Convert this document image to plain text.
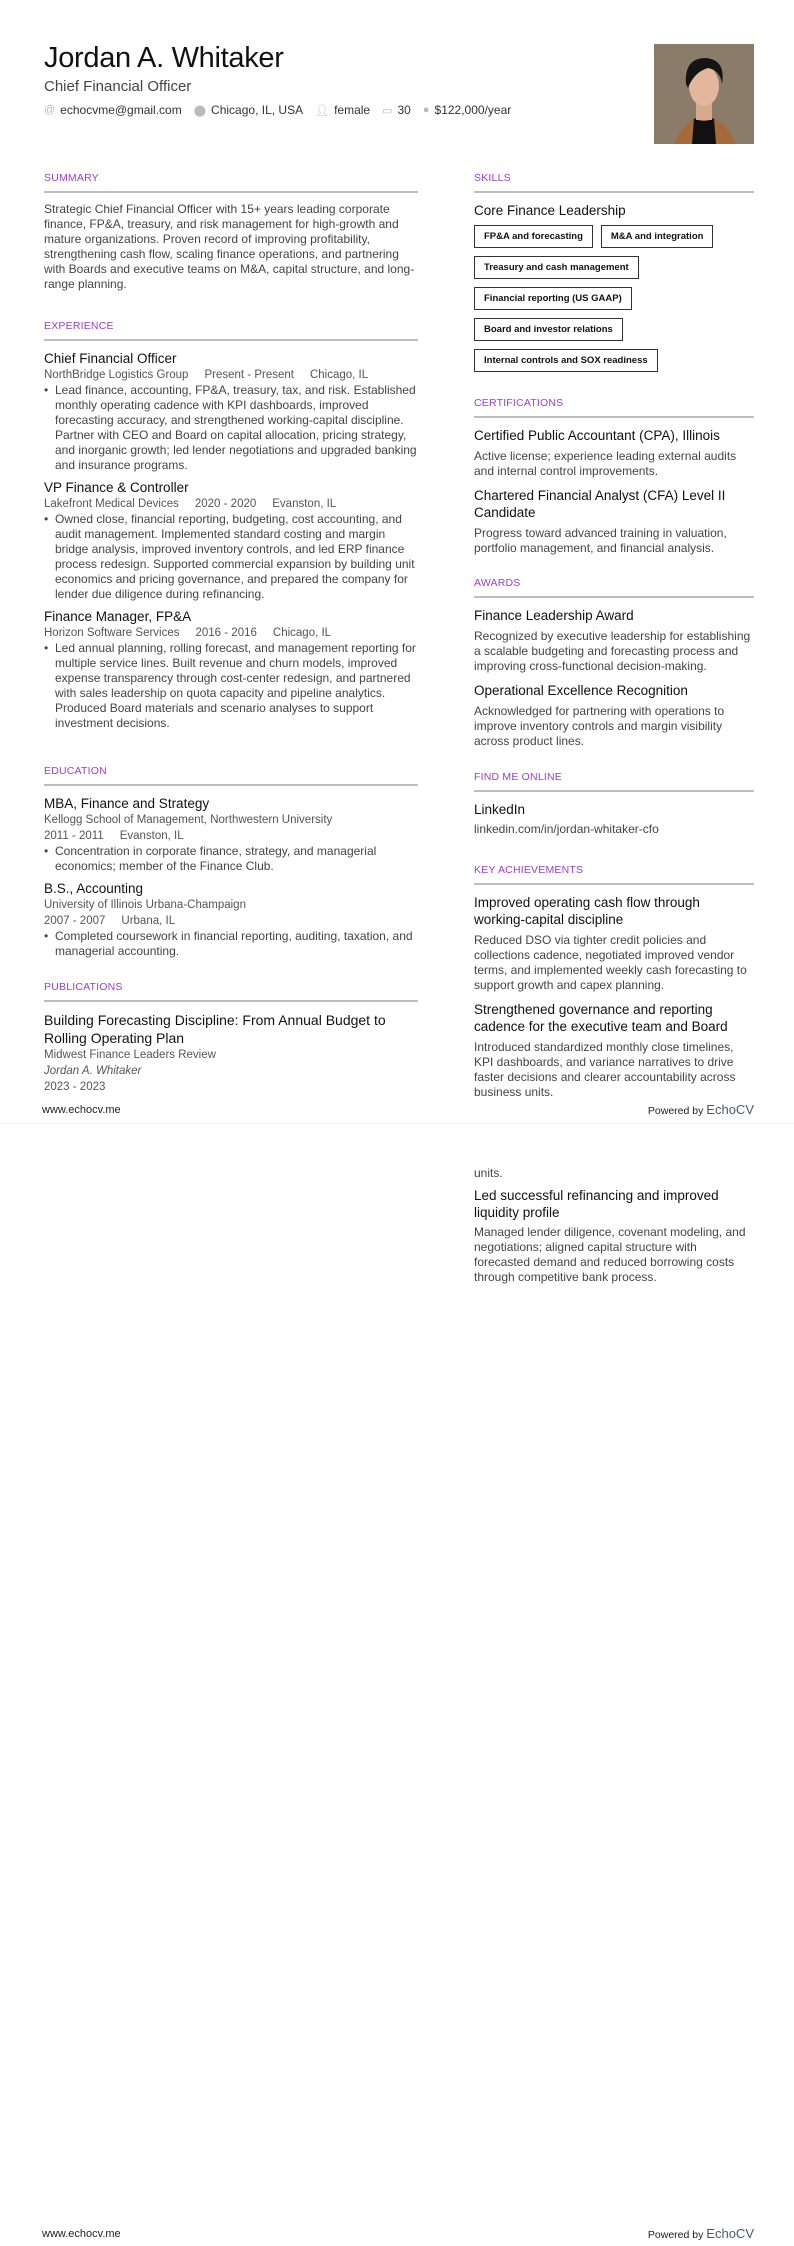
Jordan A. Whitaker
Chief Financial Officer
@ echocvme@gmail.com ⬤ Chicago, IL, USA 👤︎ female ▭ 30 ● $122,000/year
SUMMARY

Strategic Chief Financial Officer with 15+ years leading corporate finance, FP&A, treasury, and risk management for high-growth and mature organizations. Proven record of improving profitability, strengthening cash flow, scaling finance operations, and partnering with Boards and executive teams on M&A, capital structure, and long-range planning.

EXPERIENCE
Chief Financial Officer
NorthBridge Logistics Group Present - Present Chicago, IL
• Lead finance, accounting, FP&A, treasury, tax, and risk. Established monthly operating cadence with KPI dashboards, improved forecasting accuracy, and strengthened working-capital discipline. Partner with CEO and Board on capital allocation, pricing strategy, and inorganic growth; led lender negotiations and upgraded banking and insurance programs.
VP Finance & Controller
Lakefront Medical Devices 2020 - 2020 Evanston, IL
• Owned close, financial reporting, budgeting, cost accounting, and audit management. Implemented standard costing and margin bridge analysis, improved inventory controls, and led ERP finance process redesign. Supported commercial expansion by building unit economics and pricing governance, and prepared the company for lender due diligence during refinancing.
Finance Manager, FP&A
Horizon Software Services 2016 - 2016 Chicago, IL
• Led annual planning, rolling forecast, and management reporting for multiple service lines. Built revenue and churn models, improved expense transparency through cost-center redesign, and partnered with sales leadership on quota capacity and pipeline analytics. Produced Board materials and scenario analyses to support investment decisions.
EDUCATION
MBA, Finance and Strategy
Kellogg School of Management, Northwestern University
2011 - 2011 Evanston, IL
• Concentration in corporate finance, strategy, and managerial economics; member of the Finance Club.
B.S., Accounting
University of Illinois Urbana-Champaign
2007 - 2007 Urbana, IL
• Completed coursework in financial reporting, auditing, taxation, and managerial accounting.
PUBLICATIONS
Building Forecasting Discipline: From Annual Budget to Rolling Operating Plan
Midwest Finance Leaders Review
Jordan A. Whitaker
2023 - 2023
SKILLS
Core Finance Leadership
FP&A and forecasting	M&A and integration
Treasury and cash management
Financial reporting (US GAAP)
Board and investor relations
Internal controls and SOX readiness
CERTIFICATIONS
Certified Public Accountant (CPA), Illinois
Active license; experience leading external audits and internal control improvements.
Chartered Financial Analyst (CFA) Level II Candidate
Progress toward advanced training in valuation, portfolio management, and financial analysis.
AWARDS
Finance Leadership Award
Recognized by executive leadership for establishing a scalable budgeting and forecasting process and improving cross-functional decision-making.
Operational Excellence Recognition
Acknowledged for partnering with operations to improve inventory controls and margin visibility across product lines.
FIND ME ONLINE
LinkedIn
linkedin.com/in/jordan-whitaker-cfo
KEY ACHIEVEMENTS
Improved operating cash flow through working-capital discipline
Reduced DSO via tighter credit policies and collections cadence, negotiated improved vendor terms, and implemented weekly cash forecasting to support growth and capex planning.
Strengthened governance and reporting cadence for the executive team and Board
Introduced standardized monthly close timelines, KPI dashboards, and variance narratives to drive faster decisions and clearer accountability across business units.
www.echocv.me	Powered by EchoCV
units.
Led successful refinancing and improved liquidity profile
Managed lender diligence, covenant modeling, and negotiations; aligned capital structure with forecasted demand and reduced borrowing costs through competitive bank process.
www.echocv.me	Powered by EchoCV
